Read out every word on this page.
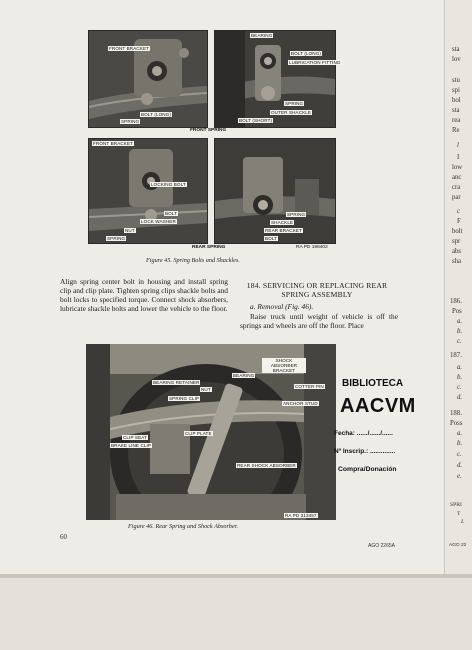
FRONT BRACKET
BOLT (LONG)
SPRING
BEARING
BOLT (LONG)
LUBRICATION FITTING
SPRING
OUTER SHACKLE
BOLT (SHORT)
FRONT SPRING
FRONT BRACKET
LOCKING BOLT
BOLT
LOCK WASHER
NUT
SPRING
SPRING
SHACKLE
REAR BRACKET
BOLT
REAR SPRING	RA PD 196402
Figure 45. Spring Bolts and Shackles.
Align spring center bolt in housing and install spring clip and clip plate. Tighten spring clips shackle bolts and bolt locks to specified torque. Connect shock absorbers, lubricate shackle bolts and lower the vehicle to the floor.
184. SERVICING OR REPLACING REAR SPRING ASSEMBLY
a. Removal (Fig. 46).
Raise truck until weight of vehicle is off the springs and wheels are off the floor. Place
SHOCK ABSORBER BRACKET
BEARING
BEARING RETAINER
NUT
SPRING CLIP
COTTER PIN
ANCHOR STUD
CLIP SEAT
CLIP PLATE
BRAKE LINE CLIP
REAR SHOCK ABSORBER
RA PD 313457
Figure 46. Rear Spring and Shock Absorber.
BIBLIOTECA
AACVM
Fecha: ....../....../......
Nº Inscrip.: ..............
Compra/Donación
60
AGO 2265A
sta
lov
stu
spi
bol
sta
rea
Re
l
I
low
anc
cra
par
c
F
bolt
spr
abs
sha
186.
Pos
a.
b.
c.
187.
a.
b.
c.
d.
188.
Poss
a.
b.
c.
d.
e.
SPRI
T
L
AGO 22
